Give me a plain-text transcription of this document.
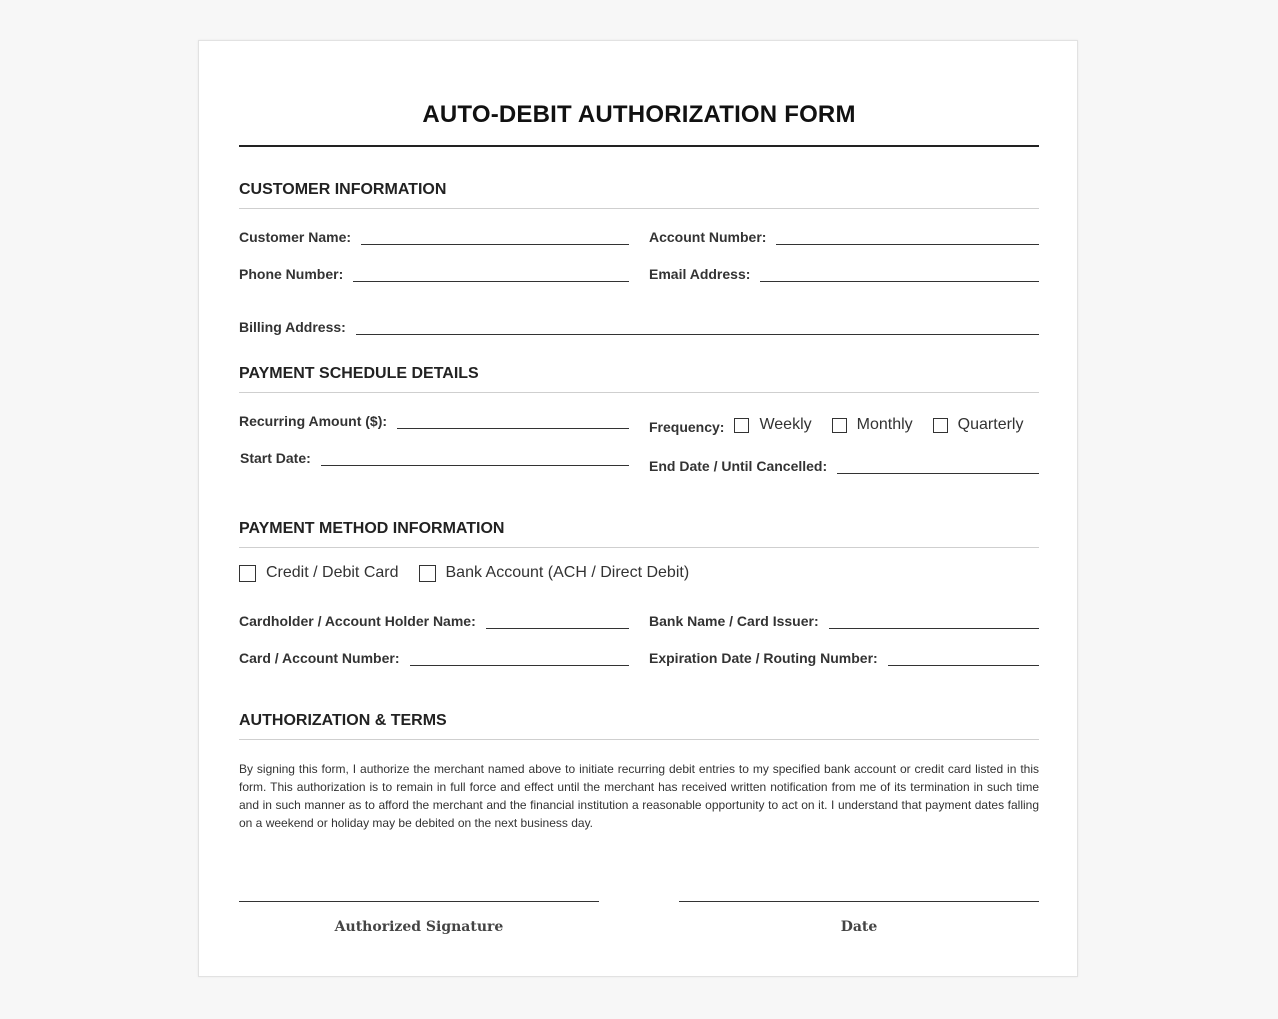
AUTO-DEBIT AUTHORIZATION FORM
CUSTOMER INFORMATION
Customer Name:	Account Number:
Phone Number:	Email Address:
Billing Address:
PAYMENT SCHEDULE DETAILS
Recurring Amount ($):	Frequency: Weekly	Monthly	Quarterly
Start Date:	End Date / Until Cancelled:
PAYMENT METHOD INFORMATION
Credit / Debit Card	Bank Account (ACH / Direct Debit)
Cardholder / Account Holder Name:	Bank Name / Card Issuer:
Card / Account Number:	Expiration Date / Routing Number:
AUTHORIZATION & TERMS
By signing this form, I authorize the merchant named above to initiate recurring debit entries to my specified bank account or credit card listed in this form. This authorization is to remain in full force and effect until the merchant has received written notification from me of its termination in such time and in such manner as to afford the merchant and the financial institution a reasonable opportunity to act on it. I understand that payment dates falling on a weekend or holiday may be debited on the next business day.
Authorized Signature	Date
